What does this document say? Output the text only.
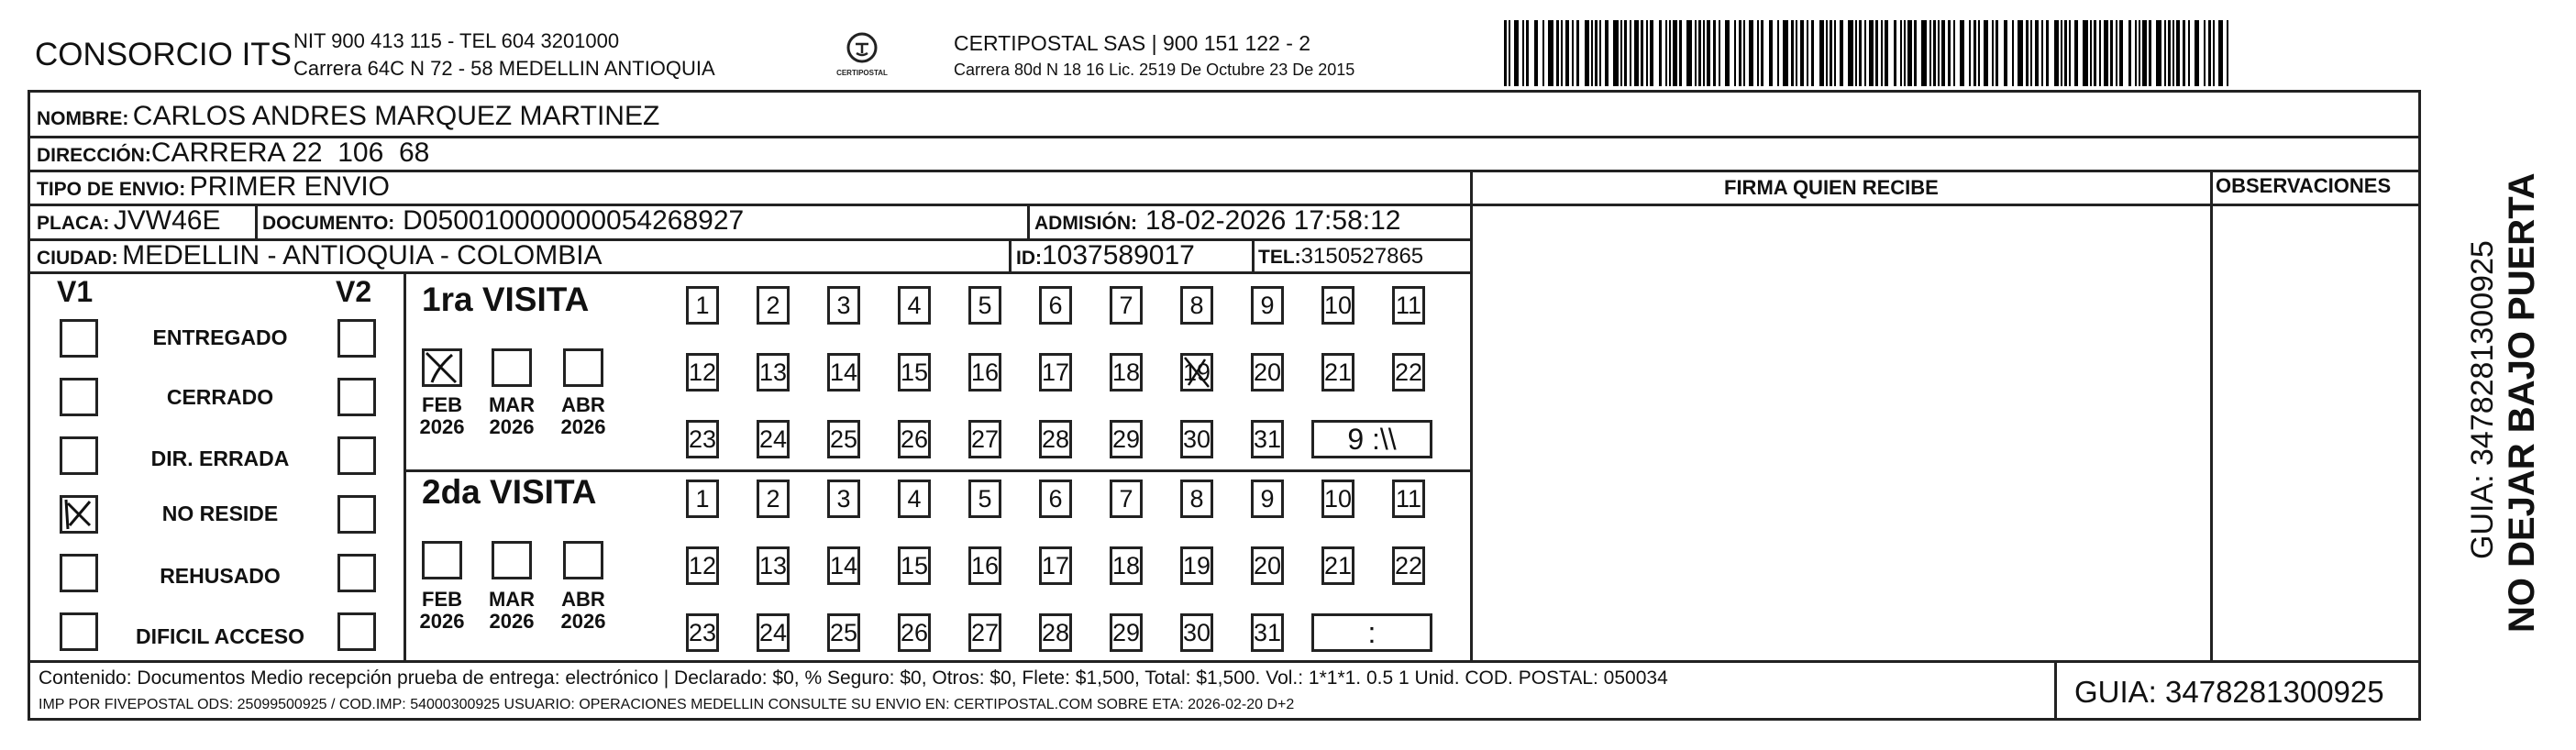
CONSORCIO ITS NIT 900 413 115 - TEL 604 3201000
Carrera 64C N 72 - 58 MEDELLIN ANTIOQUIA	CERTIPOSTAL
CERTIPOSTAL SAS | 900 151 122 - 2
Carrera 80d N 18 16 Lic. 2519 De Octubre 23 De 2015
NOMBRE: CARLOS ANDRES MARQUEZ MARTINEZ
DIRECCIÓN:CARRERA 22  106  68
TIPO DE ENVIO: PRIMER ENVIO	FIRMA QUIEN RECIBE	OBSERVACIONES
PLACA: JVW46E DOCUMENTO: D050010000000054268927	ADMISIÓN: 18-02-2026 17:58:12
CIUDAD: MEDELLIN - ANTIOQUIA - COLOMBIA	ID:1037589017	TEL:3150527865
V1	V2
ENTREGADO
CERRADO
DIR. ERRADA
NO RESIDE
REHUSADO
DIFICIL ACCESO
1ra VISITA
2da VISITA
FEB
2026
MAR
2026
ABR
2026
FEB
2026
MAR
2026
ABR
2026
1	2	3	4	5	6	7	8	9	10 11
12 13 14 15 16 17 18 19 20 21 22
23 24 25 26 27 28 29 30 31	9 :\\
1	2	3	4	5	6	7	8	9	10 11
12 13 14 15 16 17 18 19 20 21 22
23 24 25 26 27 28 29 30 31	:
Contenido: Documentos Medio recepción prueba de entrega: electrónico | Declarado: $0, % Seguro: $0, Otros: $0, Flete: $1,500, Total: $1,500. Vol.: 1*1*1. 0.5 1 Unid. COD. POSTAL: 050034
IMP POR FIVEPOSTAL ODS: 25099500925 / COD.IMP: 54000300925 USUARIO: OPERACIONES MEDELLIN CONSULTE SU ENVIO EN: CERTIPOSTAL.COM SOBRE ETA: 2026-02-20 D+2	GUIA: 3478281300925
NO DEJAR BAJO PUERTA
GUIA: 3478281300925
